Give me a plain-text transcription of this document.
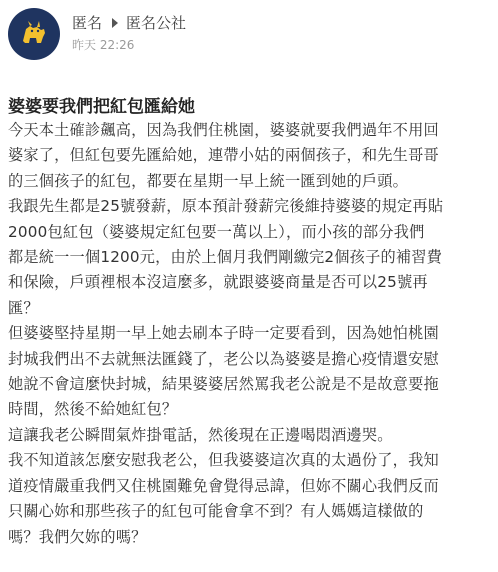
匿名 匿名公社
昨天 22:26
婆婆要我們把紅包匯給她

今天本土確診飆高，因為我們住桃園，婆婆就要我們過年不用回
婆家了，但紅包要先匯給她，連帶小姑的兩個孩子，和先生哥哥
的三個孩子的紅包，都要在星期一早上統一匯到她的戶頭。

我跟先生都是25號發薪，原本預計發薪完後維持婆婆的規定再貼
2000包紅包（婆婆規定紅包要一萬以上），而小孩的部分我們
都是統一一個1200元，由於上個月我們剛繳完2個孩子的補習費
和保險，戶頭裡根本沒這麼多，就跟婆婆商量是否可以25號再
匯？

但婆婆堅持星期一早上她去刷本子時一定要看到，因為她怕桃園
封城我們出不去就無法匯錢了，老公以為婆婆是擔心疫情還安慰
她說不會這麼快封城，結果婆婆居然罵我老公說是不是故意要拖
時間，然後不給她紅包？

這讓我老公瞬間氣炸掛電話，然後現在正邊喝悶酒邊哭。

我不知道該怎麼安慰我老公，但我婆婆這次真的太過份了，我知
道疫情嚴重我們又住桃園難免會覺得忌諱，但妳不關心我們反而
只關心妳和那些孩子的紅包可能會拿不到？有人媽媽這樣做的
嗎？我們欠妳的嗎？
